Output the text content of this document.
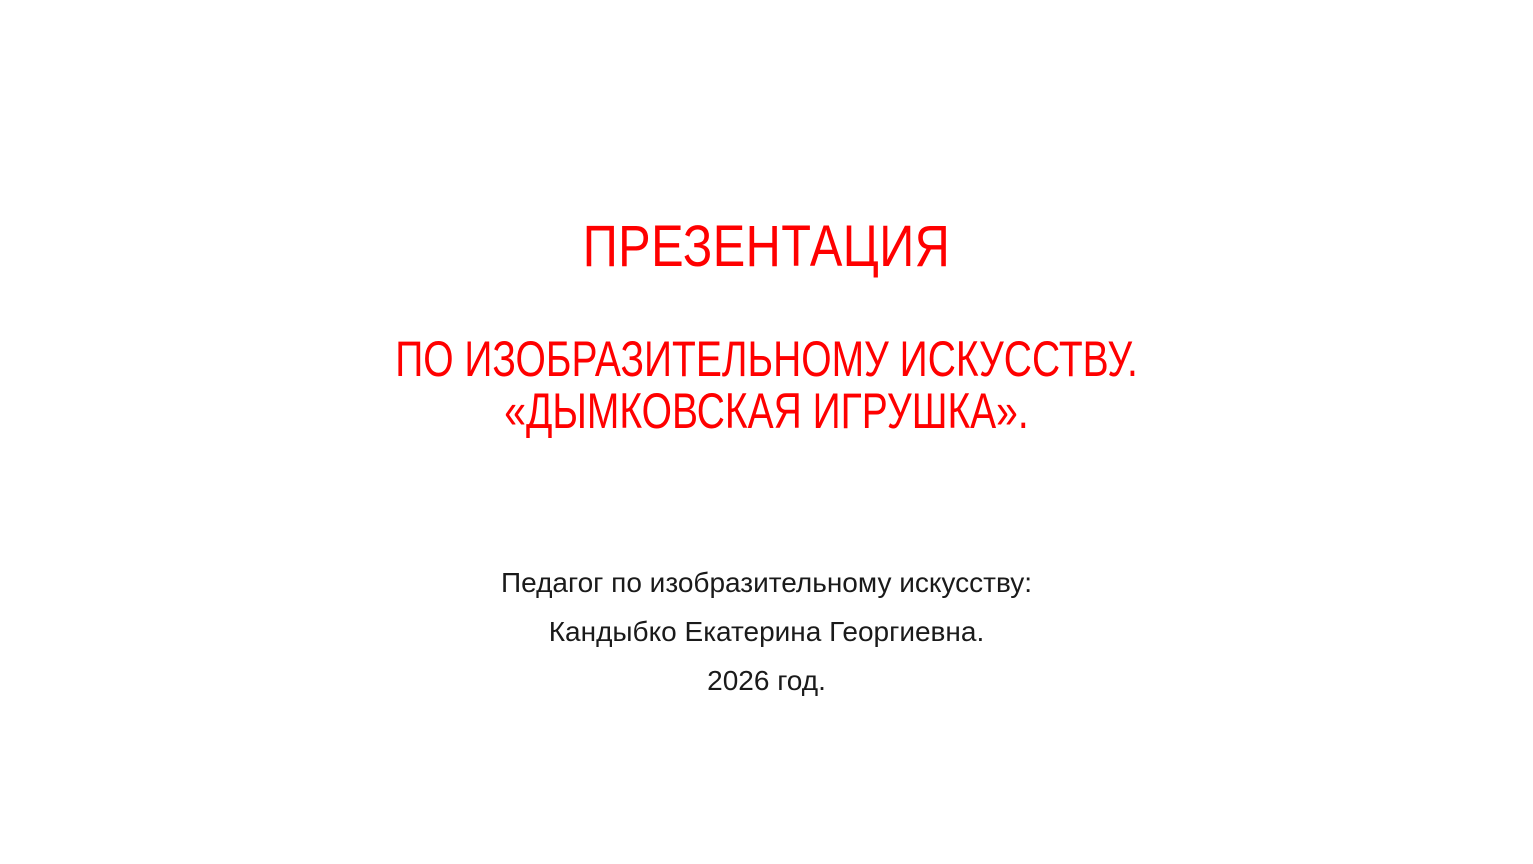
ПРЕЗЕНТАЦИЯ
ПО ИЗОБРАЗИТЕЛЬНОМУ ИСКУССТВУ.
«ДЫМКОВСКАЯ ИГРУШКА».
Педагог по изобразительному искусству:
Кандыбко Екатерина Георгиевна.
2026 год.
